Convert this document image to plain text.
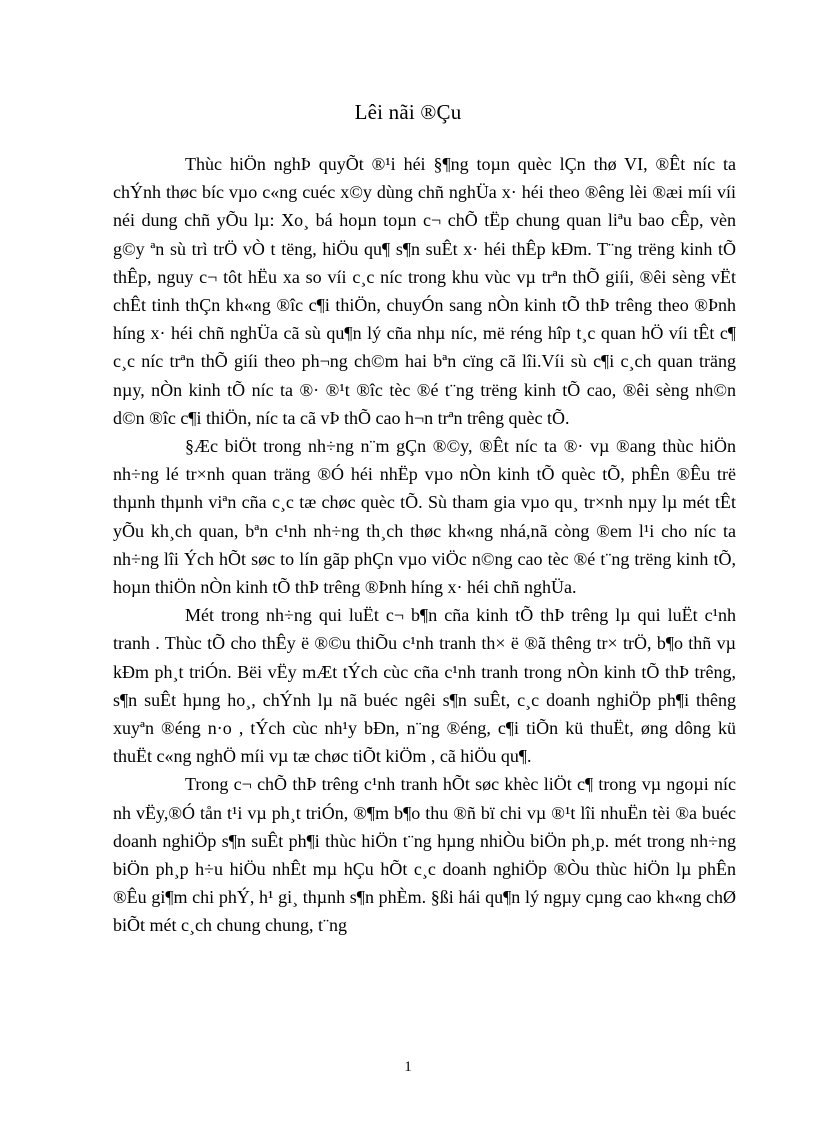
Lêi nãi ®Çu

Thùc hiÖn nghÞ quyÕt ®¹i héi §¶ng toµn quèc lÇn thø VI, ®Êt níc ta chÝnh thøc bíc vµo c«ng cuéc x©y dùng chñ nghÜa x· héi theo ®êng lèi ®æi míi víi néi dung chñ yÕu lµ: Xo¸ bá hoµn toµn c¬ chÕ tËp chung quan liªu bao cÊp, vèn g©y ªn sù trì trÖ vÒ t tëng, hiÖu qu¶ s¶n suÊt x· héi thÊp kÐm. T¨ng trëng kinh tÕ thÊp, nguy c¬ tôt hËu xa so víi c¸c níc trong khu vùc vµ trªn thÕ giíi, ®êi sèng vËt chÊt tinh thÇn kh«ng ®îc c¶i thiÖn, chuyÓn sang nÒn kinh tÕ thÞ trêng theo ®Þnh híng x· héi chñ nghÜa cã sù qu¶n lý cña nhµ níc, më réng hîp t¸c quan hÖ víi tÊt c¶ c¸c níc trªn thÕ giíi theo ph¬ng ch©m hai bªn cïng cã lîi.Víi sù c¶i c¸ch quan träng nµy, nÒn kinh tÕ níc ta ®· ®¹t ®îc tèc ®é t¨ng trëng kinh tÕ cao, ®êi sèng nh©n d©n ®îc c¶i thiÖn, níc ta cã vÞ thÕ cao h¬n trªn trêng quèc tÕ.

§Æc biÖt trong nh÷ng n¨m gÇn ®©y, ®Êt níc ta ®· vµ ®ang thùc hiÖn nh÷ng lé tr×nh quan träng ®Ó héi nhËp vµo nÒn kinh tÕ quèc tÕ, phÊn ®Êu trë thµnh thµnh viªn cña c¸c tæ chøc quèc tÕ. Sù tham gia vµo qu¸ tr×nh nµy lµ mét tÊt yÕu kh¸ch quan, bªn c¹nh nh÷ng th¸ch thøc kh«ng nhá,nã còng ®em l¹i cho níc ta nh÷ng lîi Ých hÕt søc to lín gãp phÇn vµo viÖc n©ng cao tèc ®é t¨ng trëng kinh tÕ, hoµn thiÖn nÒn kinh tÕ thÞ trêng ®Þnh híng x· héi chñ nghÜa.

Mét trong nh÷ng qui luËt c¬ b¶n cña kinh tÕ thÞ trêng lµ qui luËt c¹nh tranh . Thùc tÕ cho thÊy ë ®©u thiÕu c¹nh tranh th× ë ®ã thêng tr× trÖ, b¶o thñ vµ kÐm ph¸t triÓn. Bëi vËy mÆt tÝch cùc cña c¹nh tranh trong nÒn kinh tÕ thÞ trêng, s¶n suÊt hµng ho¸, chÝnh lµ nã buéc ngêi s¶n suÊt, c¸c doanh nghiÖp ph¶i thêng xuyªn ®éng n·o , tÝch cùc nh¹y bÐn, n¨ng ®éng, c¶i tiÕn kü thuËt, øng dông kü thuËt c«ng nghÖ míi vµ tæ chøc tiÕt kiÖm , cã hiÖu qu¶.

Trong c¬ chÕ thÞ trêng c¹nh tranh hÕt søc khèc liÖt c¶ trong vµ ngoµi níc nh vËy,®Ó tån t¹i vµ ph¸t triÓn, ®¶m b¶o thu ®ñ bï chi vµ ®¹t lîi nhuËn tèi ®a buéc doanh nghiÖp s¶n suÊt ph¶i thùc hiÖn t¨ng hµng nhiÒu biÖn ph¸p. mét trong nh÷ng biÖn ph¸p h÷u hiÖu nhÊt mµ hÇu hÕt c¸c doanh nghiÖp ®Òu thùc hiÖn lµ phÊn ®Êu gi¶m chi phÝ, h¹ gi¸ thµnh s¶n phÈm. §ßi hái qu¶n lý ngµy cµng cao kh«ng chØ biÕt mét c¸ch chung chung, t¨ng

1
